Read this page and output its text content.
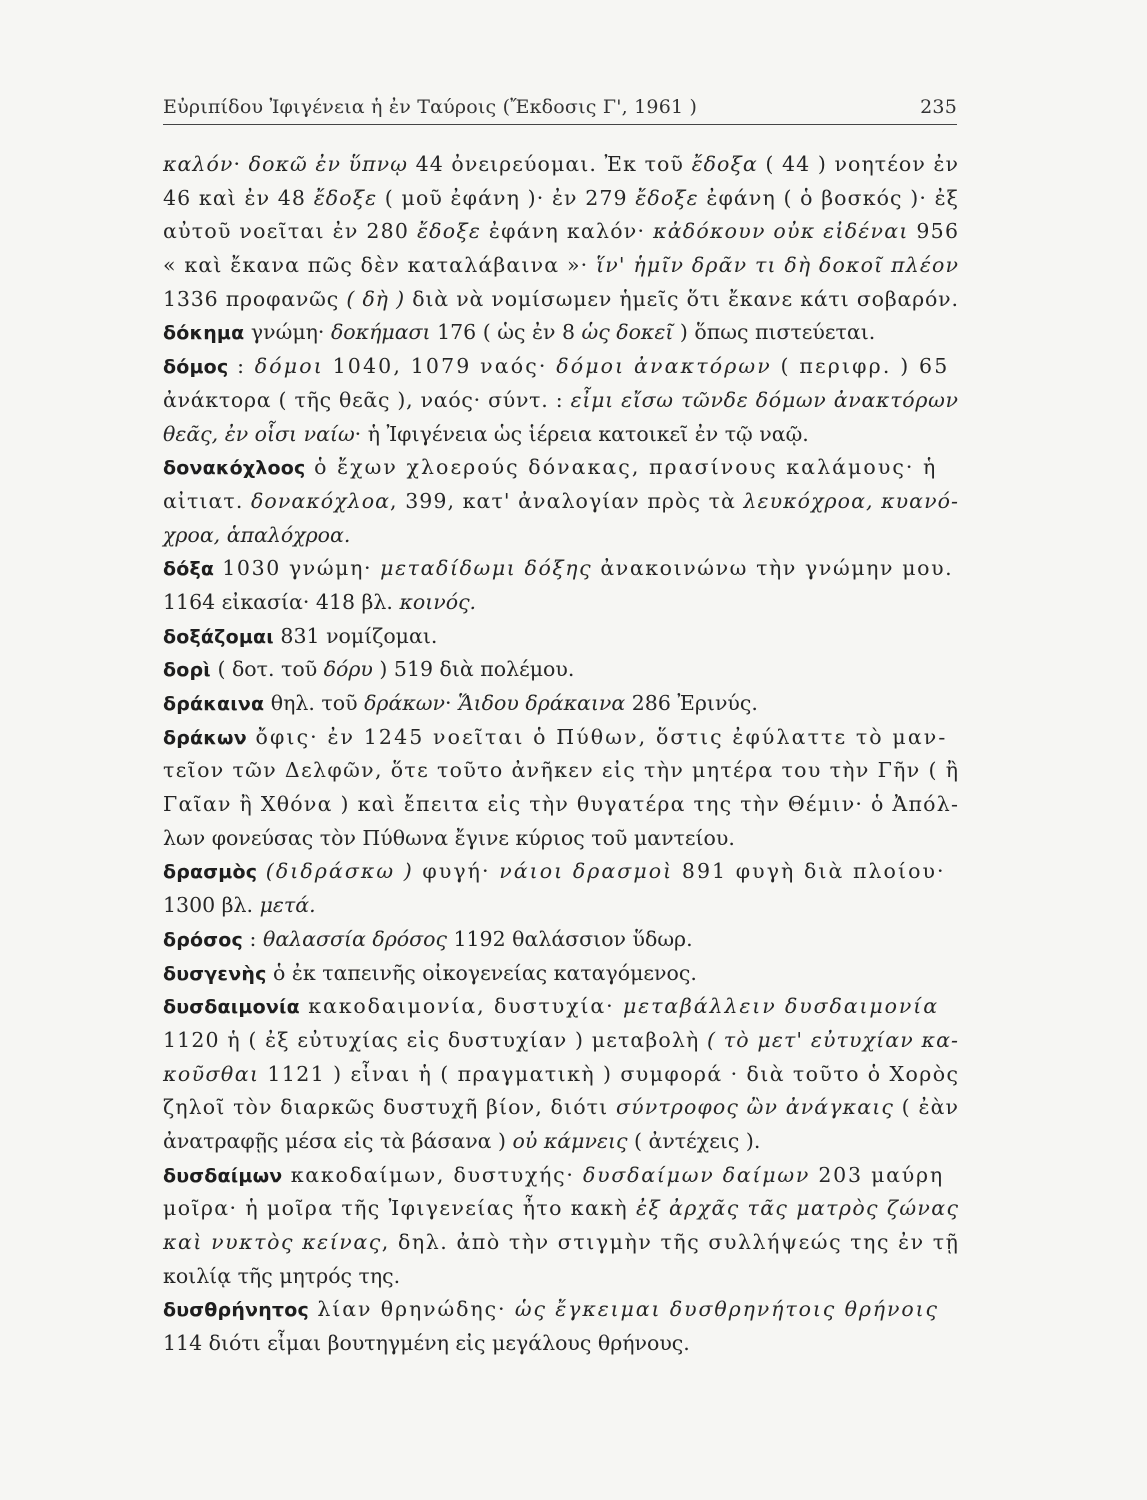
Εὐριπίδου Ἰφιγένεια ἡ ἐν Ταύροις (Ἔκδοσις Γ', 1961 )	235
καλόν· δοκῶ ἐν ὕπνῳ 44 ὀνειρεύομαι. Ἐκ τοῦ ἔδοξα ( 44 ) νοητέον ἐν
46 καὶ ἐν 48 ἔδοξε ( μοῦ ἐφάνη )· ἐν 279 ἔδοξε ἐφάνη ( ὁ βοσκός )· ἐξ
αὐτοῦ νοεῖται ἐν 280 ἔδοξε ἐφάνη καλόν· κἀδόκουν οὐκ εἰδέναι 956
« καὶ ἔκανα πῶς δὲν καταλάβαινα »· ἵν' ἡμῖν δρᾶν τι δὴ δοκοῖ πλέον
1336 προφανῶς ( δὴ ) διὰ νὰ νομίσωμεν ἡμεῖς ὅτι ἔκανε κάτι σοβαρόν.
δόκημα γνώμη· δοκήμασι 176 ( ὡς ἐν 8 ὡς δοκεῖ ) ὅπως πιστεύεται.
δόμος : δόμοι 1040, 1079 ναός· δόμοι ἀνακτόρων ( περιφρ. ) 65
ἀνάκτορα ( τῆς θεᾶς ), ναός· σύντ. : εἶμι εἴσω τῶνδε δόμων ἀνακτόρων
θεᾶς, ἐν οἷσι ναίω· ἡ Ἰφιγένεια ὡς ἱέρεια κατοικεῖ ἐν τῷ ναῷ.
δονακόχλοος ὁ ἔχων χλοερούς δόνακας, πρασίνους καλάμους· ἡ
αἰτιατ. δονακόχλοα, 399, κατ' ἀναλογίαν πρὸς τὰ λευκόχροα, κυανό-
χροα, ἁπαλόχροα.
δόξα 1030 γνώμη· μεταδίδωμι δόξης ἀνακοινώνω τὴν γνώμην μου.
1164 εἰκασία· 418 βλ. κοινός.
δοξάζομαι 831 νομίζομαι.
δορὶ ( δοτ. τοῦ δόρυ ) 519 διὰ πολέμου.
δράκαινα θηλ. τοῦ δράκων· Ἅιδου δράκαινα 286 Ἐρινύς.
δράκων ὄφις· ἐν 1245 νοεῖται ὁ Πύθων, ὅστις ἐφύλαττε τὸ μαν-
τεῖον τῶν Δελφῶν, ὅτε τοῦτο ἀνῆκεν εἰς τὴν μητέρα του τὴν Γῆν ( ἢ
Γαῖαν ἢ Χθόνα ) καὶ ἔπειτα εἰς τὴν θυγατέρα της τὴν Θέμιν· ὁ Ἀπόλ-
λων φονεύσας τὸν Πύθωνα ἔγινε κύριος τοῦ μαντείου.
δρασμὸς (διδράσκω ) φυγή· νάιοι δρασμοὶ 891 φυγὴ διὰ πλοίου·
1300 βλ. μετά.
δρόσος : θαλασσία δρόσος 1192 θαλάσσιον ὕδωρ.
δυσγενὴς ὁ ἐκ ταπεινῆς οἰκογενείας καταγόμενος.
δυσδαιμονία κακοδαιμονία, δυστυχία· μεταβάλλειν δυσδαιμονία
1120 ἡ ( ἐξ εὐτυχίας εἰς δυστυχίαν ) μεταβολὴ ( τὸ μετ' εὐτυχίαν κα-
κοῦσθαι 1121 ) εἶναι ἡ ( πραγματικὴ ) συμφορά · διὰ τοῦτο ὁ Χορὸς
ζηλοῖ τὸν διαρκῶς δυστυχῆ βίον, διότι σύντροφος ὢν ἀνάγκαις ( ἐὰν
ἀνατραφῇς μέσα εἰς τὰ βάσανα ) οὐ κάμνεις ( ἀντέχεις ).
δυσδαίμων κακοδαίμων, δυστυχής· δυσδαίμων δαίμων 203 μαύρη
μοῖρα· ἡ μοῖρα τῆς Ἰφιγενείας ἦτο κακὴ ἐξ ἀρχᾶς τᾶς ματρὸς ζώνας
καὶ νυκτὸς κείνας, δηλ. ἀπὸ τὴν στιγμὴν τῆς συλλήψεώς της ἐν τῇ
κοιλίᾳ τῆς μητρός της.
δυσθρήνητος λίαν θρηνώδης· ὡς ἔγκειμαι δυσθρηνήτοις θρήνοις
114 διότι εἶμαι βουτηγμένη εἰς μεγάλους θρήνους.
